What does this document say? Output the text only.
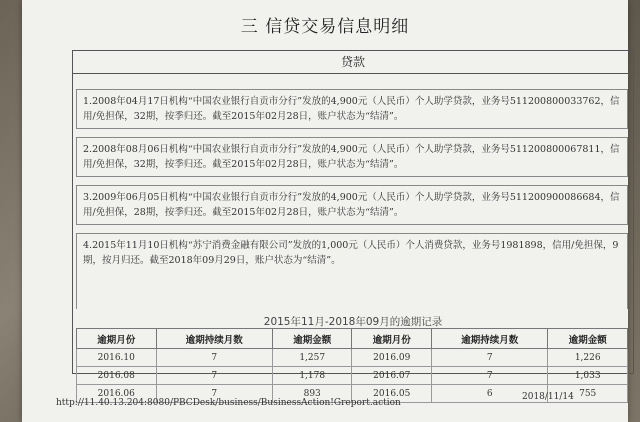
三 信贷交易信息明细
贷款
1.2008年04月17日机构“中国农业银行自贡市分行”发放的4,900元（人民币）个人助学贷款，业务号51120080003376​2，信用/免担保，32期，按季归还。截至2015年02月28日，账户状态为“结清”。
2.2008年08月06日机构“中国农业银行自贡市分行”发放的4,900元（人民币）个人助学贷款，业务号51120080006781​1，信用/免担保，32期，按季归还。截至2015年02月28日，账户状态为“结清”。
3.2009年06月05日机构“中国农业银行自贡市分行”发放的4,900元（人民币）个人助学贷款，业务号51120090008668​4，信用/免担保，28期，按季归还。截至2015年02月28日，账户状态为“结清”。
4.2015年11月10日机构“苏宁消费金融有限公司”发放的1,000元（人民币）个人消费贷款，业务号1981898，信用/免担保，9期，按月归还。截至2018年09月29日，账户状态为“结清”。
2015年11月-2018年09月的逾期记录
逾期月份	逾期持续月数	逾期金额	逾期月份	逾期持续月数	逾期金额
2016.10	7	1,257	2016.09	7	1,226
2016.08	7	1,178	2016.07	7	1,033
2016.06	7	893	2016.05	6	755
http://11.40.13.204:8080/PBCDesk/business/BusinessAction!Greport.action
2018/11/14
